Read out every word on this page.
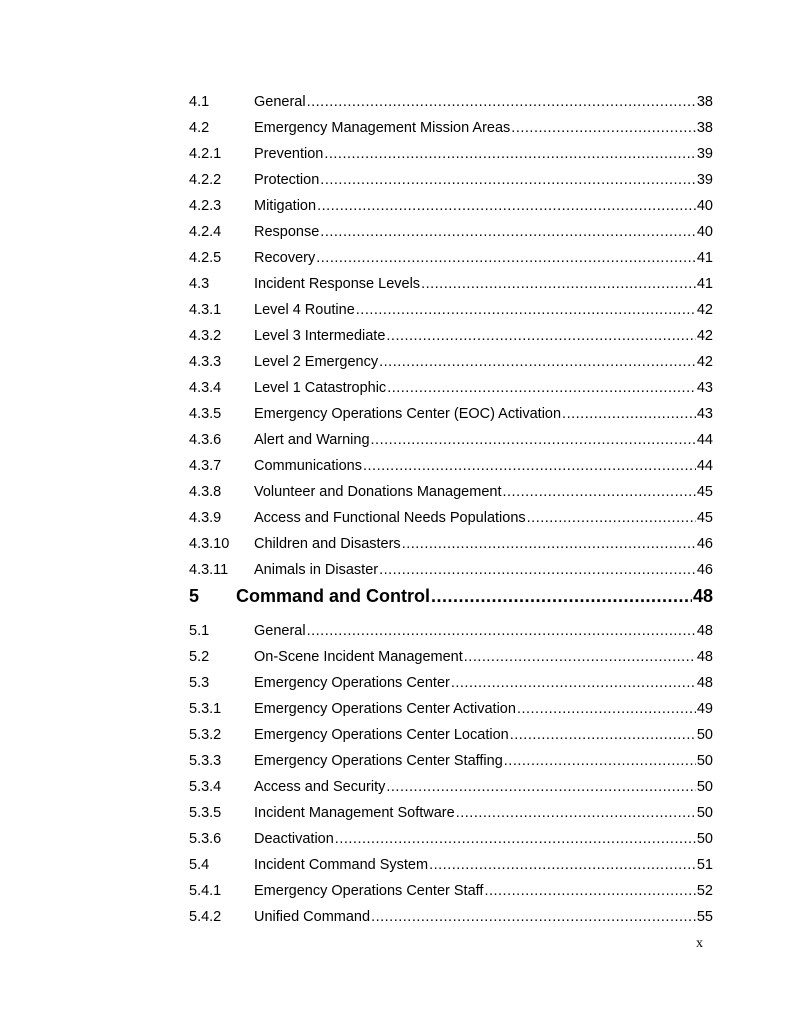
4.1	General .....	38
4.2	Emergency Management Mission Areas .....	38
4.2.1	Prevention .....	39
4.2.2	Protection .....	39
4.2.3	Mitigation .....	40
4.2.4	Response .....	40
4.2.5	Recovery .....	41
4.3	Incident Response Levels .....	41
4.3.1	Level 4 Routine .....	42
4.3.2	Level 3 Intermediate .....	42
4.3.3	Level 2 Emergency .....	42
4.3.4	Level 1 Catastrophic .....	43
4.3.5	Emergency Operations Center (EOC) Activation .....	43
4.3.6	Alert and Warning .....	44
4.3.7	Communications .....	44
4.3.8	Volunteer and Donations Management .....	45
4.3.9	Access and Functional Needs Populations .....	45
4.3.10	Children and Disasters .....	46
4.3.11	Animals in Disaster .....	46
5	Command and Control .....	48
5.1	General .....	48
5.2	On-Scene Incident Management .....	48
5.3	Emergency Operations Center .....	48
5.3.1	Emergency Operations Center Activation .....	49
5.3.2	Emergency Operations Center Location .....	50
5.3.3	Emergency Operations Center Staffing .....	50
5.3.4	Access and Security .....	50
5.3.5	Incident Management Software .....	50
5.3.6	Deactivation .....	50
5.4	Incident Command System .....	51
5.4.1	Emergency Operations Center Staff .....	52
5.4.2	Unified Command .....	55
x
